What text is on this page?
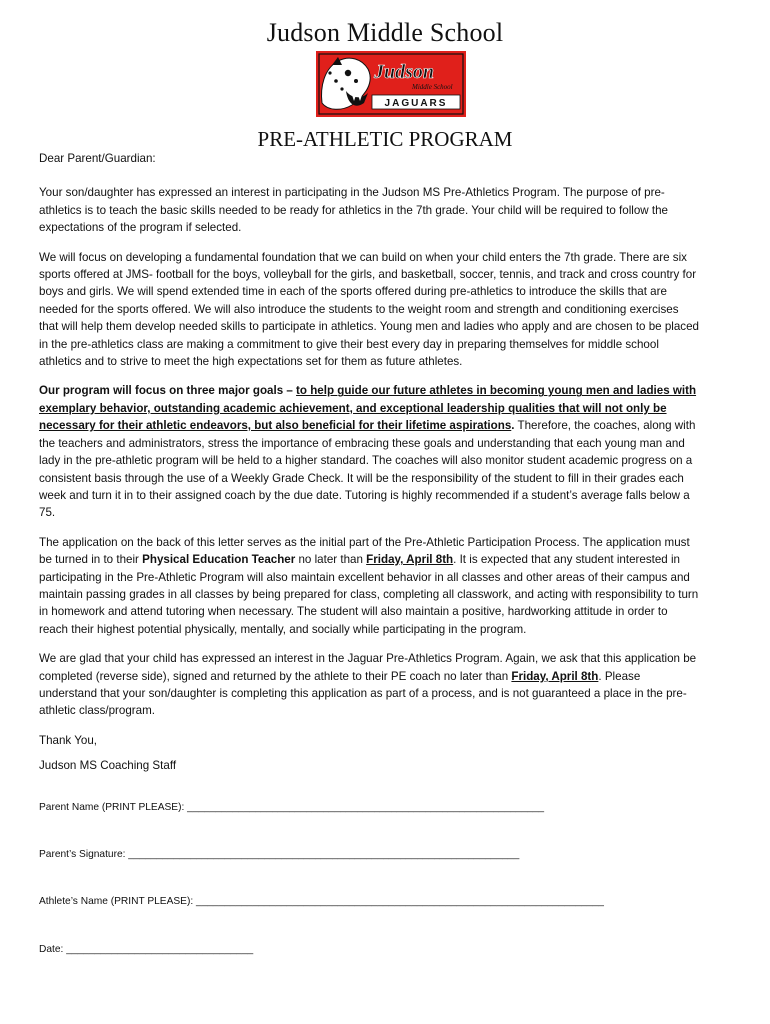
Judson Middle School
Judson
Middle School
JAGUARS
PRE-ATHLETIC PROGRAM

Dear Parent/Guardian:

Your son/daughter has expressed an interest in participating in the Judson MS Pre-Athletics Program. The purpose of pre-athletics is to teach the basic skills needed to be ready for athletics in the 7th grade. Your child will be required to follow the expectations of the program if selected.

We will focus on developing a fundamental foundation that we can build on when your child enters the 7th grade. There are six sports offered at JMS- football for the boys, volleyball for the girls, and basketball, soccer, tennis, and track and cross country for boys and girls. We will spend extended time in each of the sports offered during pre-athletics to introduce the skills that are needed for the sports offered. We will also introduce the students to the weight room and strength and conditioning exercises that will help them develop needed skills to participate in athletics. Young men and ladies who apply and are chosen to be placed in the pre-athletics class are making a commitment to give their best every day in preparing themselves for middle school athletics and to strive to meet the high expectations set for them as future athletes.

Our program will focus on three major goals – to help guide our future athletes in becoming young men and ladies with exemplary behavior, outstanding academic achievement, and exceptional leadership qualities that will not only be necessary for their athletic endeavors, but also beneficial for their lifetime aspirations. Therefore, the coaches, along with the teachers and administrators, stress the importance of embracing these goals and understanding that each young man and lady in the pre-athletic program will be held to a higher standard. The coaches will also monitor student academic progress on a consistent basis through the use of a Weekly Grade Check. It will be the responsibility of the student to fill in their grades each week and turn it in to their assigned coach by the due date. Tutoring is highly recommended if a student’s average falls below a 75.

The application on the back of this letter serves as the initial part of the Pre-Athletic Participation Process. The application must be turned in to their Physical Education Teacher no later than Friday, April 8th. It is expected that any student interested in participating in the Pre-Athletic Program will also maintain excellent behavior in all classes and other areas of their campus and maintain passing grades in all classes by being prepared for class, completing all classwork, and acting with responsibility to turn in homework and attend tutoring when necessary. The student will also maintain a positive, hardworking attitude in order to reach their highest potential physically, mentally, and socially while participating in the program.

We are glad that your child has expressed an interest in the Jaguar Pre-Athletics Program. Again, we ask that this application be completed (reverse side), signed and returned by the athlete to their PE coach no later than Friday, April 8th. Please understand that your son/daughter is completing this application as part of a process, and is not guaranteed a place in the pre-athletic class/program.

Thank You,

Judson MS Coaching Staff

Parent Name (PRINT PLEASE): _______________________________________________________________
Parent’s Signature: _____________________________________________________________________
Athlete’s Name (PRINT PLEASE): ________________________________________________________________________
Date: _________________________________
